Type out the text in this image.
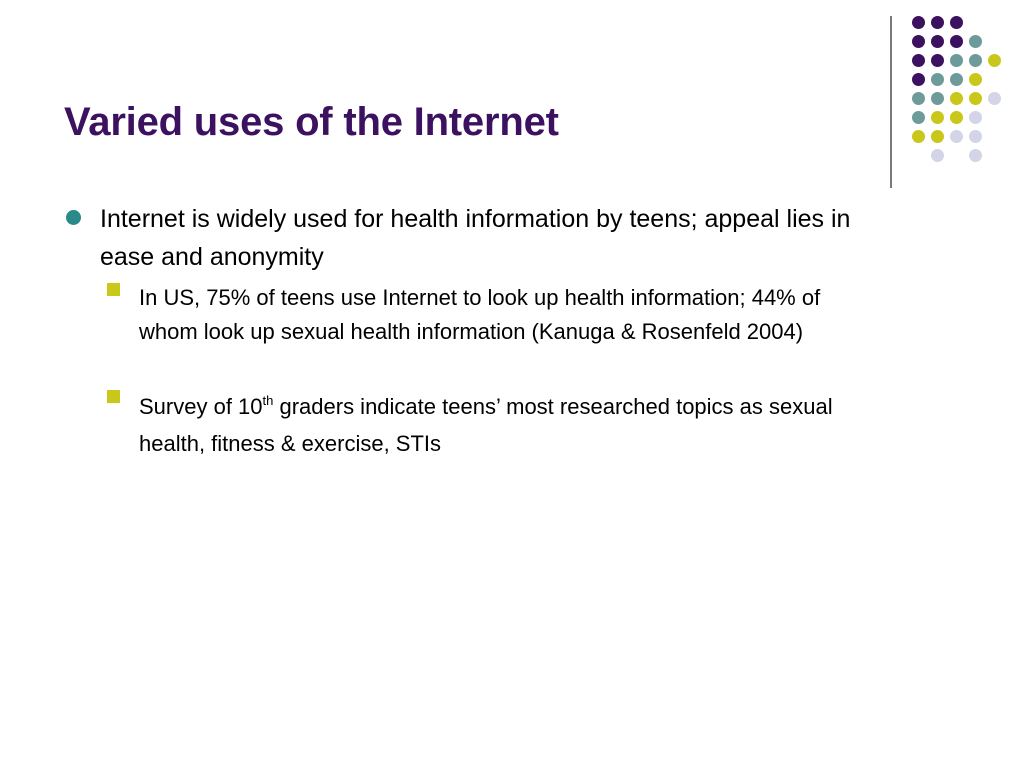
Varied uses of the Internet
Internet is widely used for health information by teens; appeal lies in ease and anonymity
In US, 75% of teens use Internet to look up health information; 44% of whom look up sexual health information (Kanuga & Rosenfeld 2004)
Survey of 10th graders indicate teens’ most researched topics as sexual health, fitness & exercise, STIs
